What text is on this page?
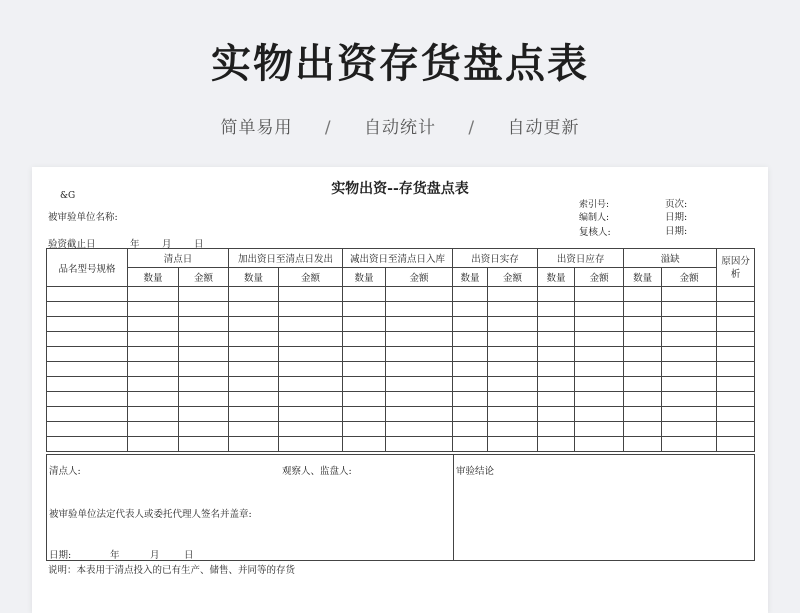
实物出资存货盘点表
简单易用 / 自动统计 / 自动更新
实物出资--存货盘点表
&G
被审验单位名称:
验资截止日	年 月 日
索引号:	页次:
编制人:	日期:
复核人:	日期:
品名型号规格	清点日		加出资日至清点日发出		减出资日至清点日入库		出资日实存		出资日应存		溢缺		原因分析
	数量	金额	数量	金额	数量	金额	数量	金额	数量	金额	数量	金额	

清点人:	观察人、监盘人:
被审验单位法定代表人或委托代理人签名并盖章:
日期:	年	月	日

审验结论
说明：本表用于清点投入的已有生产、储售、并同等的存货
